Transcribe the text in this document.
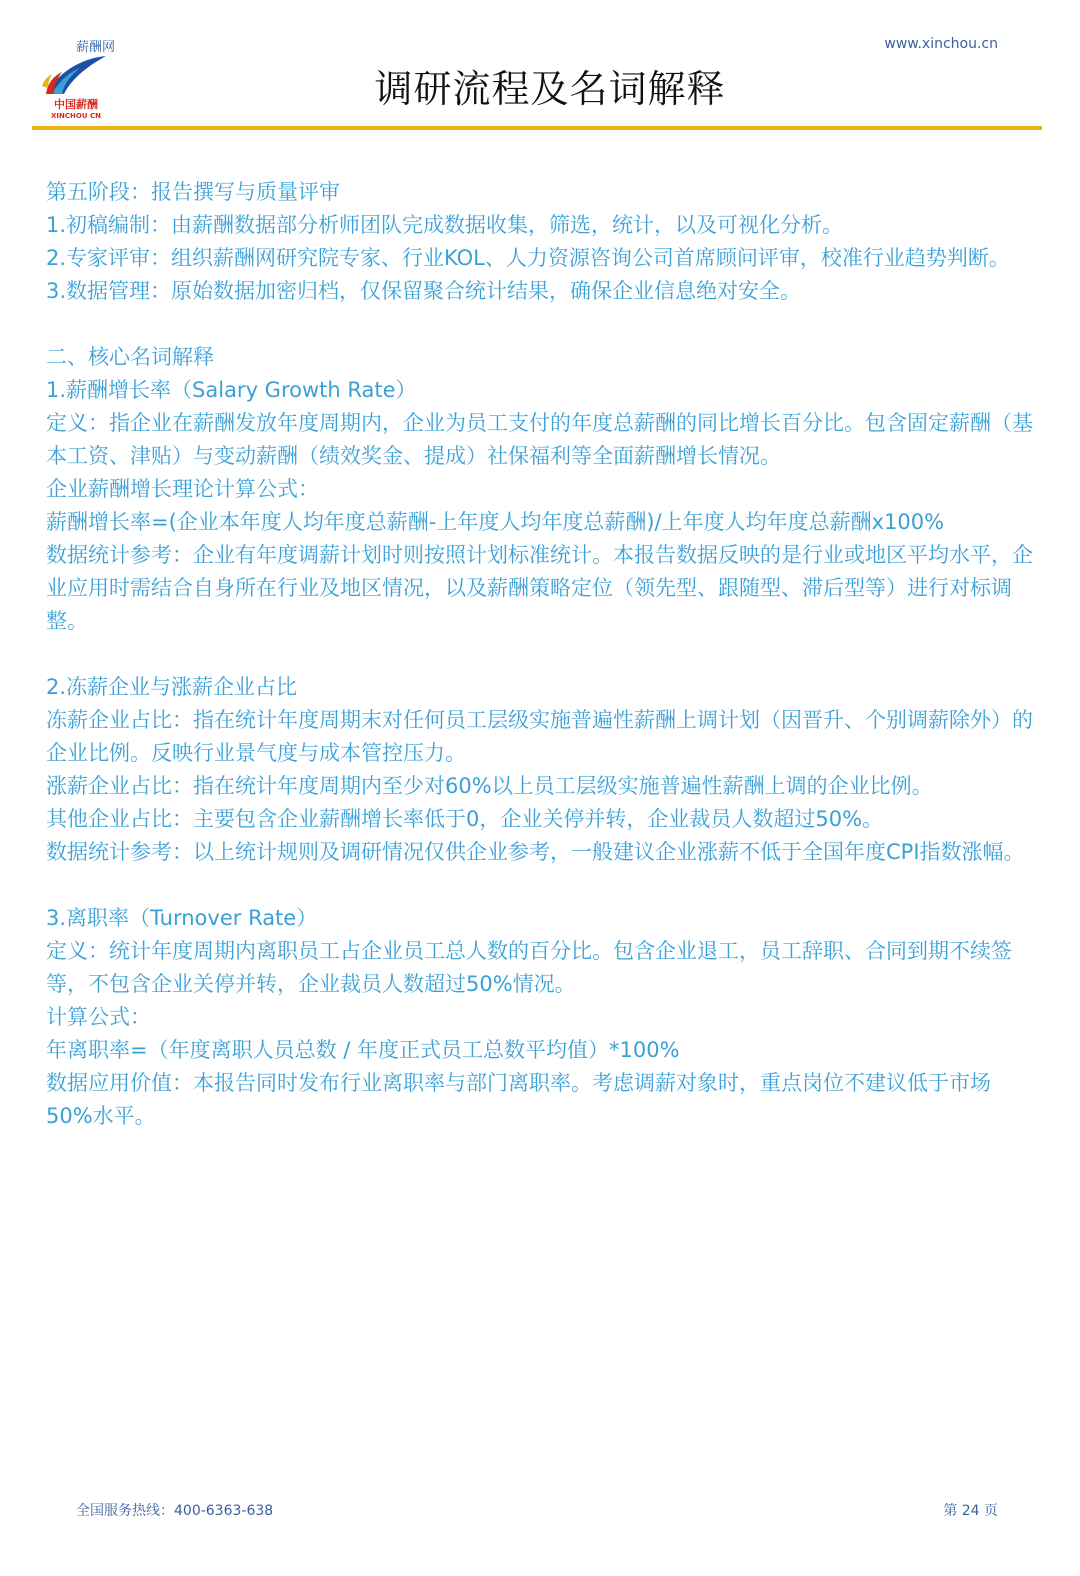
薪酬网
中国薪酬
XINCHOU CN
www.xinchou.cn
调研流程及名词解释

第五阶段：报告撰写与质量评审

1.初稿编制：由薪酬数据部分析师团队完成数据收集，筛选，统计，以及可视化分析。

2.专家评审：组织薪酬网研究院专家、行业KOL、人力资源咨询公司首席顾问评审，校准行业趋势判断。

3.数据管理：原始数据加密归档，仅保留聚合统计结果，确保企业信息绝对安全。

二、核心名词解释

1.薪酬增长率（Salary Growth Rate）

定义：指企业在薪酬发放年度周期内，企业为员工支付的年度总薪酬的同比增长百分比。包含固定薪酬（基本工资、津贴）与变动薪酬（绩效奖金、提成）社保福利等全面薪酬增长情况。

企业薪酬增长理论计算公式：

薪酬增长率=(企业本年度人均年度总薪酬-上年度人均年度总薪酬)/上年度人均年度总薪酬x100%

数据统计参考：企业有年度调薪计划时则按照计划标准统计。本报告数据反映的是行业或地区平均水平，企业应用时需结合自身所在行业及地区情况，以及薪酬策略定位（领先型、跟随型、滞后型等）进行对标调整。

2.冻薪企业与涨薪企业占比

冻薪企业占比：指在统计年度周期末对任何员工层级实施普遍性薪酬上调计划（因晋升、个别调薪除外）的企业比例。反映行业景气度与成本管控压力。

涨薪企业占比：指在统计年度周期内至少对60%以上员工层级实施普遍性薪酬上调的企业比例。

其他企业占比：主要包含企业薪酬增长率低于0，企业关停并转，企业裁员人数超过50%。

数据统计参考：以上统计规则及调研情况仅供企业参考，一般建议企业涨薪不低于全国年度CPI指数涨幅。

3.离职率（Turnover Rate）

定义：统计年度周期内离职员工占企业员工总人数的百分比。包含企业退工，员工辞职、合同到期不续签等，不包含企业关停并转，企业裁员人数超过50%情况。

计算公式：

年离职率=（年度离职人员总数 / 年度正式员工总数平均值）*100%

数据应用价值：本报告同时发布行业离职率与部门离职率。考虑调薪对象时，重点岗位不建议低于市场50%水平。

全国服务热线：400-6363-638	第 24 页
